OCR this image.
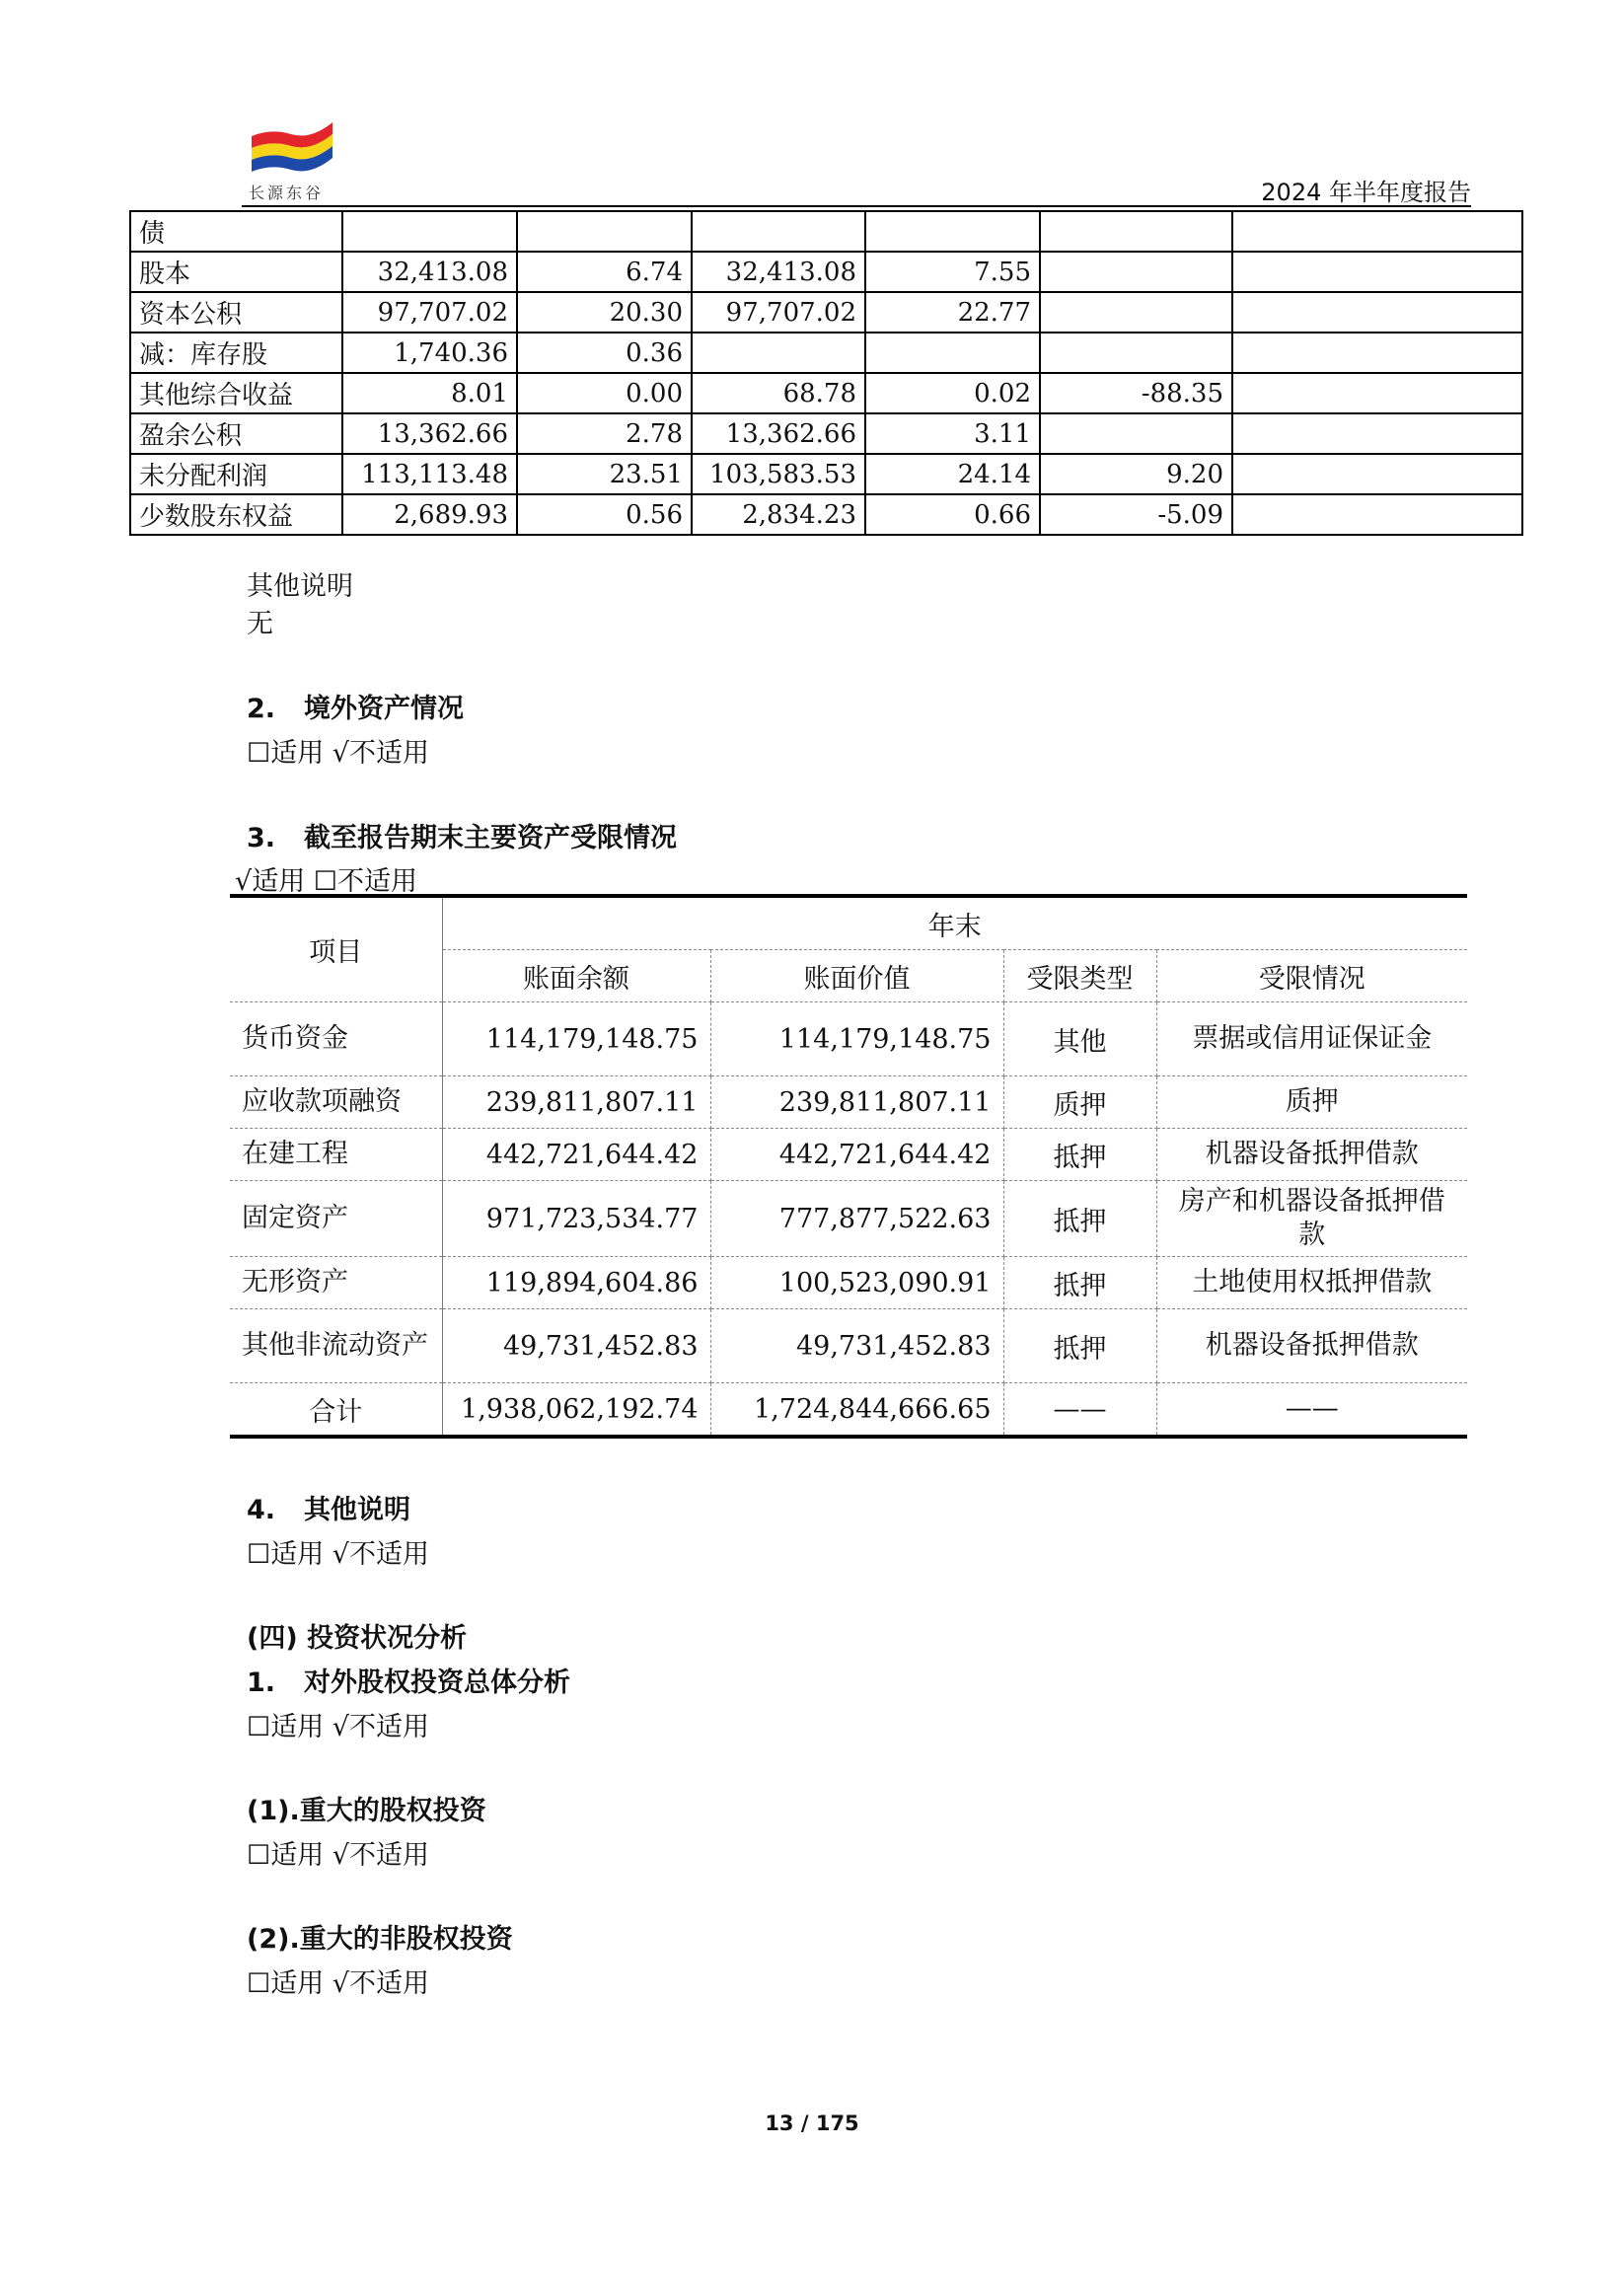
长源东谷	2024 年半年度报告
债						
股本	32,413.08	6.74	32,413.08	7.55		
资本公积	97,707.02	20.30	97,707.02	22.77		
减：库存股	1,740.36	0.36				
其他综合收益	8.01	0.00	68.78	0.02	-88.35	
盈余公积	13,362.66	2.78	13,362.66	3.11		
未分配利润	113,113.48	23.51	103,583.53	24.14	9.20	
少数股东权益	2,689.93	0.56	2,834.23	0.66	-5.09	
其他说明
无
2. 境外资产情况
☐适用 √不适用
3. 截至报告期末主要资产受限情况
√适用 ☐不适用
项目	年末			
	账面余额	账面价值	受限类型	受限情况
货币资金	114,179,148.75	114,179,148.75	其他	票据或信用证保证金
应收款项融资	239,811,807.11	239,811,807.11	质押	质押
在建工程	442,721,644.42	442,721,644.42	抵押	机器设备抵押借款
固定资产	971,723,534.77	777,877,522.63	抵押	房产和机器设备抵押借款
无形资产	119,894,604.86	100,523,090.91	抵押	土地使用权抵押借款
其他非流动资产	49,731,452.83	49,731,452.83	抵押	机器设备抵押借款
合计	1,938,062,192.74	1,724,844,666.65	——	——
4. 其他说明
☐适用 √不适用
(四) 投资状况分析
1. 对外股权投资总体分析
☐适用 √不适用
(1).重大的股权投资
☐适用 √不适用
(2).重大的非股权投资
☐适用 √不适用
13 / 175
